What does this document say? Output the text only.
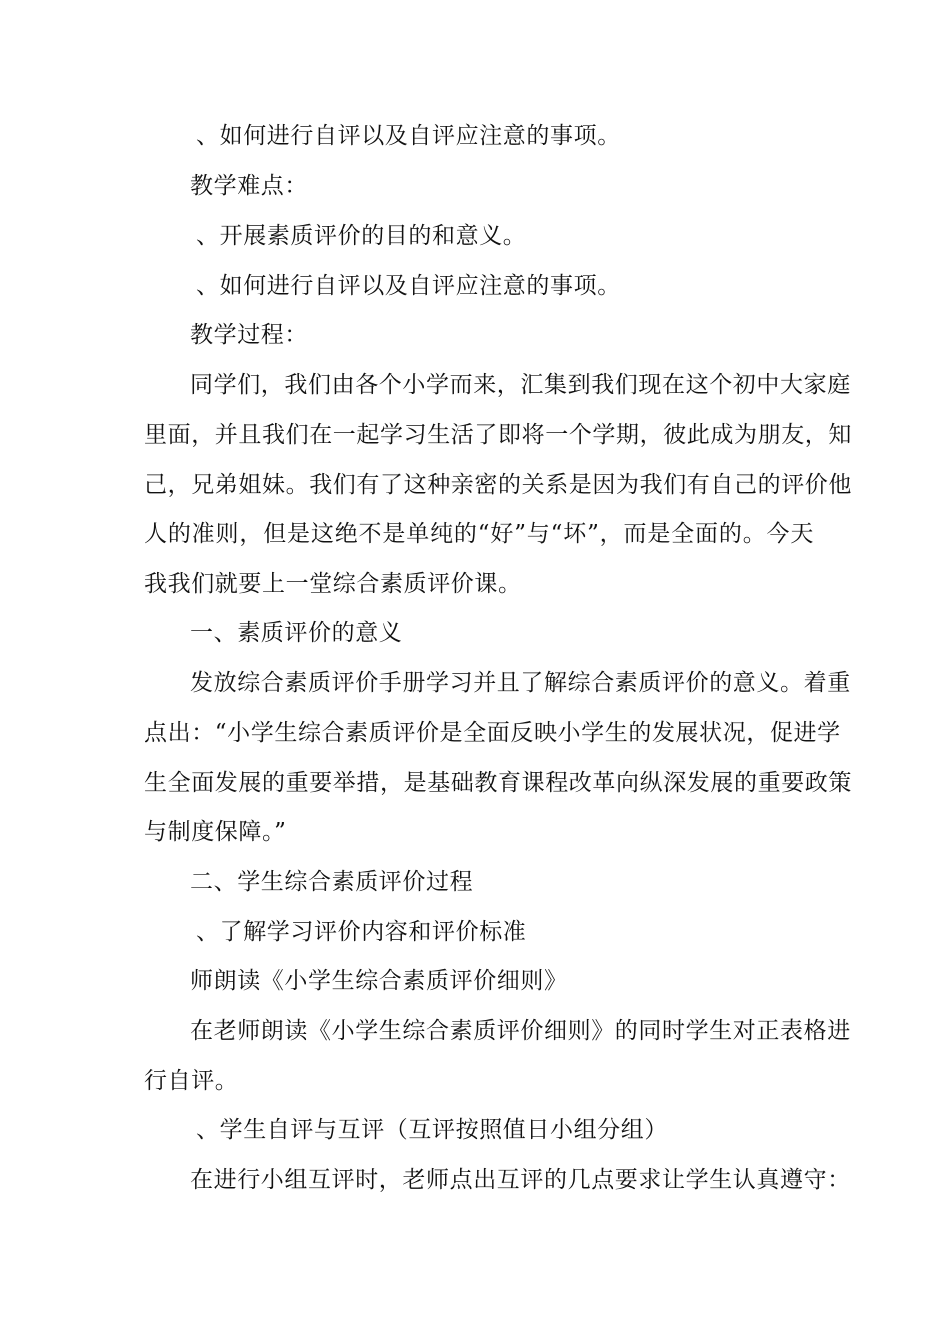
、如何进行自评以及自评应注意的事项。
教学难点：
、开展素质评价的目的和意义。
、如何进行自评以及自评应注意的事项。
教学过程：
同学们，我们由各个小学而来，汇集到我们现在这个初中大家庭
里面，并且我们在一起学习生活了即将一个学期，彼此成为朋友，知
己，兄弟姐妹。我们有了这种亲密的关系是因为我们有自己的评价他
人的准则，但是这绝不是单纯的“好”与“坏”，而是全面的。今天
我我们就要上一堂综合素质评价课。
一、素质评价的意义
发放综合素质评价手册学习并且了解综合素质评价的意义。着重
点出：“小学生综合素质评价是全面反映小学生的发展状况，促进学
生全面发展的重要举措，是基础教育课程改革向纵深发展的重要政策
与制度保障。”
二、学生综合素质评价过程
、了解学习评价内容和评价标准
师朗读《小学生综合素质评价细则》
在老师朗读《小学生综合素质评价细则》的同时学生对正表格进
行自评。
、学生自评与互评（互评按照值日小组分组）
在进行小组互评时，老师点出互评的几点要求让学生认真遵守：
